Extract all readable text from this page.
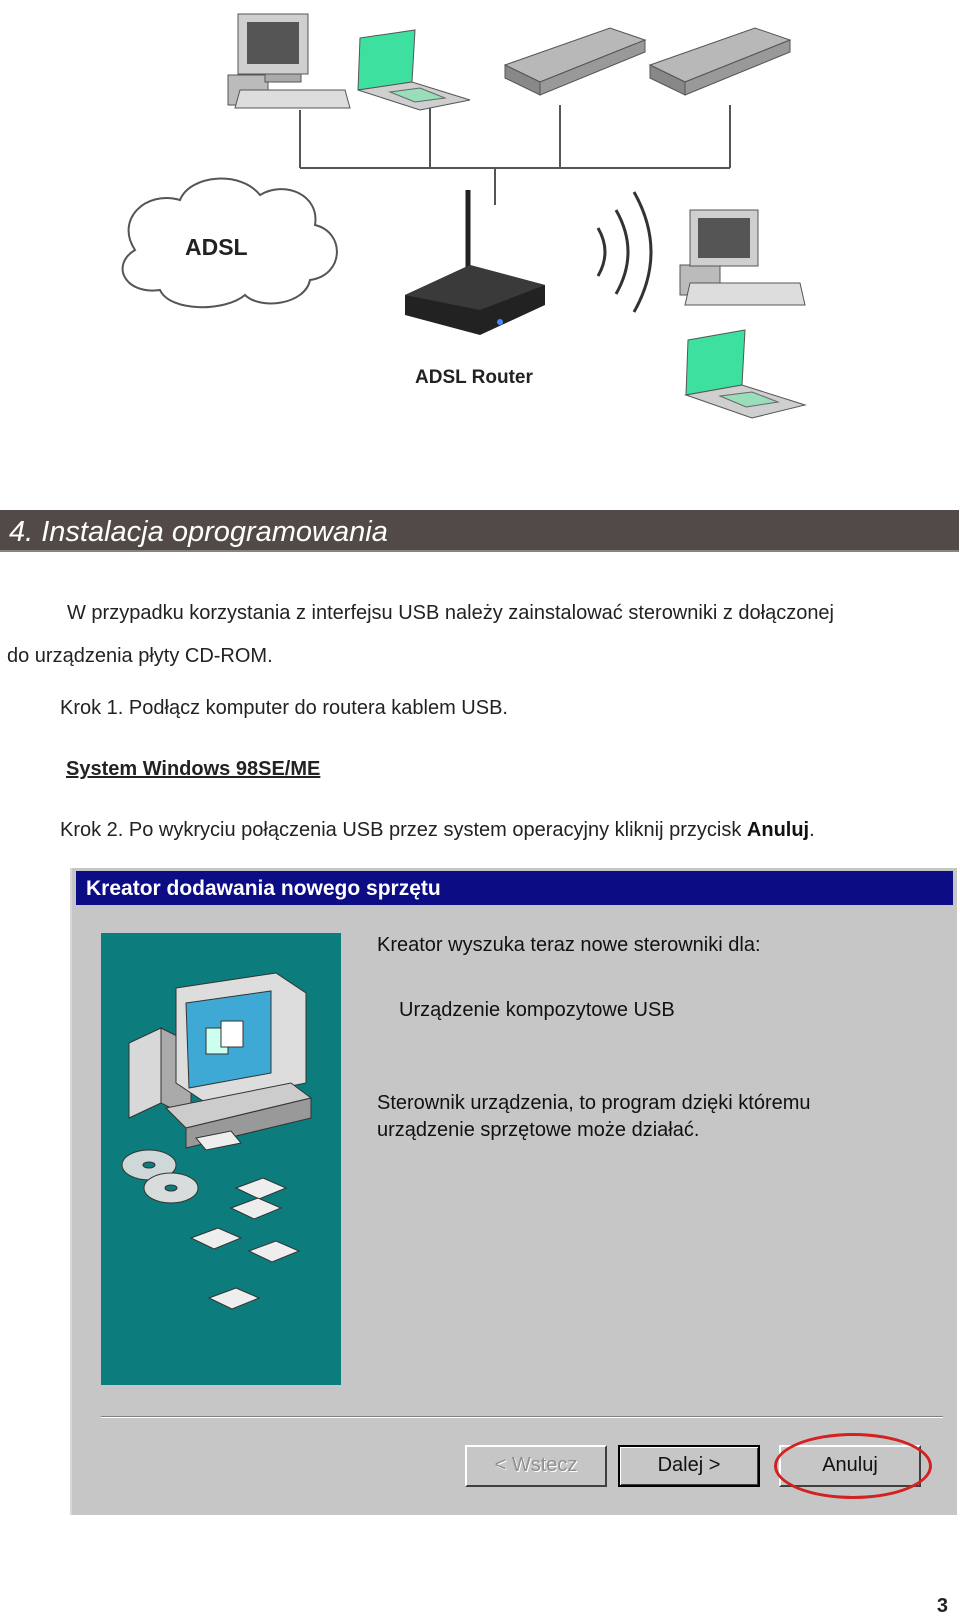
ADSL
ADSL Router
4. Instalacja oprogramowania
W przypadku korzystania z interfejsu USB należy zainstalować sterowniki z dołączonej
do urządzenia płyty CD-ROM.
Krok 1. Podłącz komputer do routera kablem USB.
System Windows 98SE/ME
Krok 2. Po wykryciu połączenia USB przez system operacyjny kliknij przycisk Anuluj.
Kreator dodawania nowego sprzętu
Kreator wyszuka teraz nowe sterowniki dla:
Urządzenie kompozytowe USB
Sterownik urządzenia, to program dzięki któremu
urządzenie sprzętowe może działać.
< Wstecz	Dalej >	Anuluj
3
